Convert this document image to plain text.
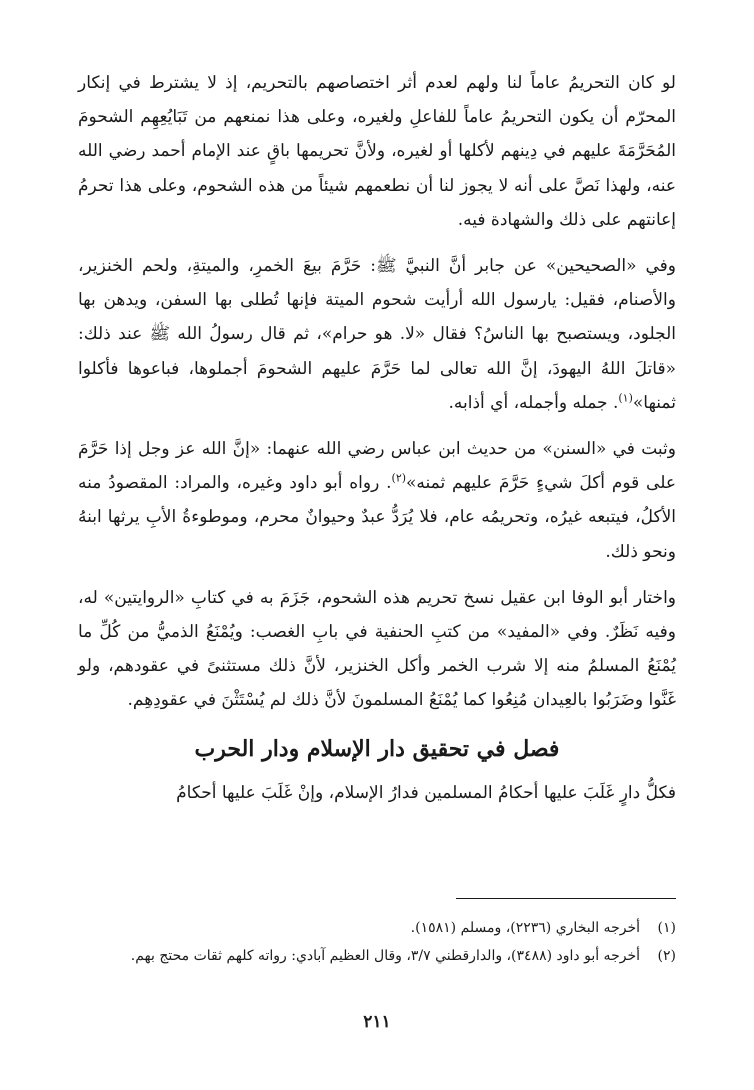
لو كان التحريمُ عاماً لنا ولهم لعدم أثر اختصاصهم بالتحريم، إذ لا يشترط في إنكار المحرّم أن يكون التحريمُ عاماً للفاعلِ ولغيره، وعلى هذا نمنعهم من تَبَايُعِهِم الشحومَ المُحَرَّمَةَ عليهم في دِينهم لأكلها أو لغيره، ولأنَّ تحريمها باقٍ عند الإمام أحمد رضي الله عنه، ولهذا نَصَّ على أنه لا يجوز لنا أن نطعمهم شيئاً من هذه الشحوم، وعلى هذا تحرمُ إعانتهم على ذلك والشهادة فيه.

وفي «الصحيحين» عن جابر أنَّ النبيَّ ﷺ: حَرَّمَ بيعَ الخمرِ، والميتةِ، ولحم الخنزير، والأصنام، فقيل: يارسول الله أرأيت شحوم الميتة فإنها تُطلى بها السفن، ويدهن بها الجلود، ويستصبح بها الناسُ؟ فقال «لا. هو حرام»، ثم قال رسولُ الله ﷺ عند ذلك: «قاتلَ اللهُ اليهودَ، إنَّ الله تعالى لما حَرَّمَ عليهم الشحومَ أجملوها، فباعوها فأكلوا ثمنها»$^{(١)}$. جمله وأجمله، أي أذابه.

وثبت في «السنن» من حديث ابن عباس رضي الله عنهما: «إنَّ الله عز وجل إذا حَرَّمَ على قوم أكلَ شيءٍ حَرَّمَ عليهم ثمنه»$^{(٢)}$. رواه أبو داود وغيره، والمراد: المقصودُ منه الأكلُ، فيتبعه غيرُه، وتحريمُه عام، فلا يُرَدُّ عبدٌ وحيوانٌ محرم، وموطوءةُ الأبِ يرثها ابنهُ ونحو ذلك.

واختار أبو الوفا ابن عقيل نسخ تحريم هذه الشحوم، جَزَمَ به في كتابِ «الروايتين» له، وفيه نَظَرٌ. وفي «المفيد» من كتبِ الحنفية في بابِ الغصب: ويُمْنَعُ الذميُّ من كُلِّ ما يُمْنَعُ المسلمُ منه إلا شرب الخمر وأكل الخنزير، لأنَّ ذلك مستثنىً في عقودهم، ولو غَنَّوا وضَرَبُوا بالعِيدان مُنِعُوا كما يُمْنَعُ المسلمونَ لأنَّ ذلك لم يُسْتَثْنَ في عقودِهِم.

فصل في تحقيق دار الإسلام ودار الحرب

فكلُّ دارٍ غَلَبَ عليها أحكامُ المسلمين فدارُ الإسلام، وإنْ غَلَبَ عليها أحكامُ

(١)
أخرجه البخاري (٢٢٣٦)، ومسلم (١٥٨١).
(٢)
أخرجه أبو داود (٣٤٨٨)، والدارقطني ٣/٧، وقال العظيم آبادي: رواته كلهم ثقات محتج بهم.
٢١١
